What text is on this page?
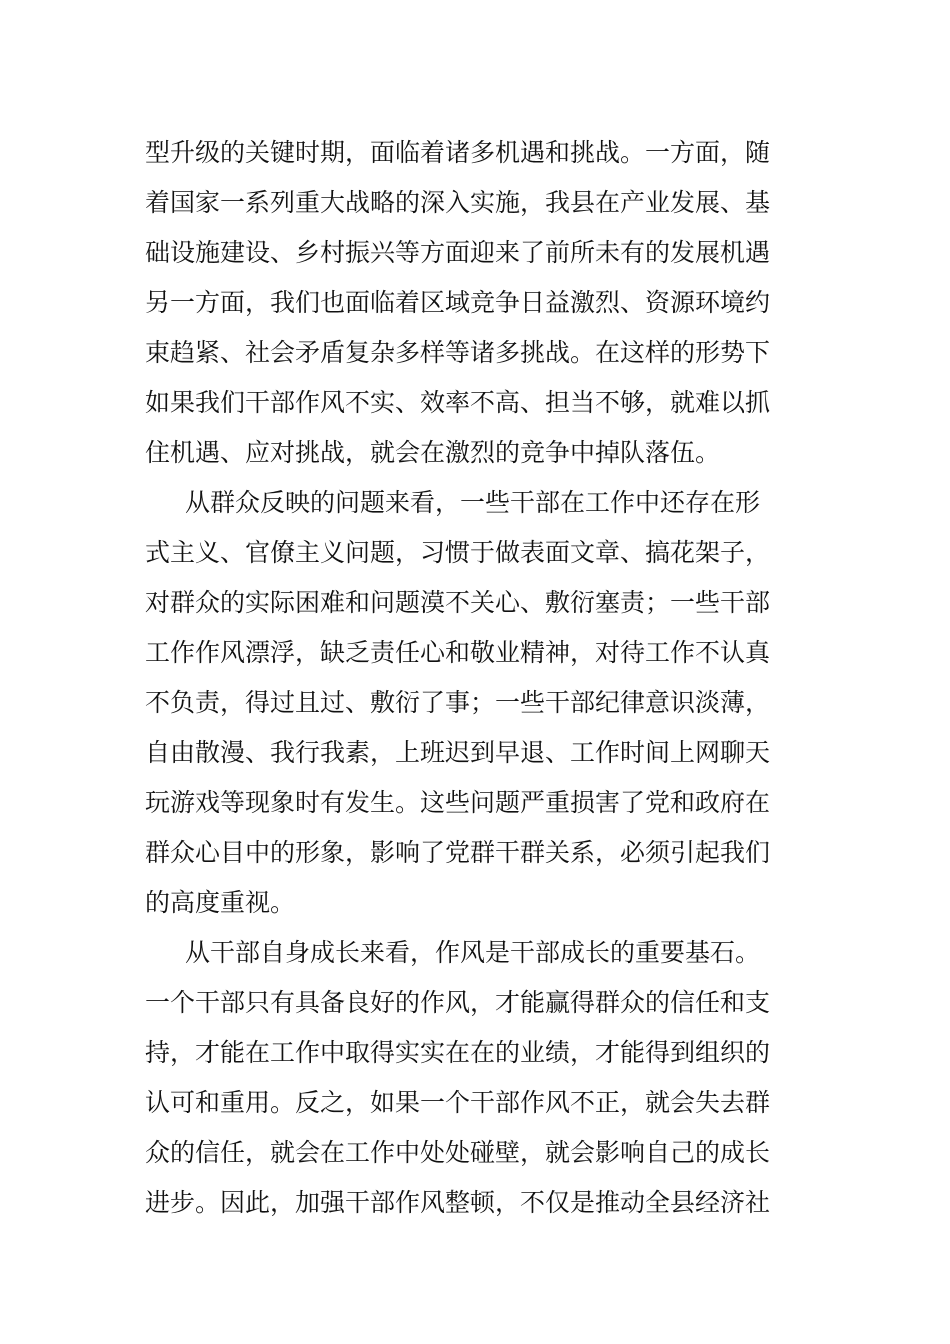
型升级的关键时期，面临着诸多机遇和挑战。一方面，随
着国家一系列重大战略的深入实施，我县在产业发展、基
础设施建设、乡村振兴等方面迎来了前所未有的发展机遇
另一方面，我们也面临着区域竞争日益激烈、资源环境约
束趋紧、社会矛盾复杂多样等诸多挑战。在这样的形势下
如果我们干部作风不实、效率不高、担当不够，就难以抓
住机遇、应对挑战，就会在激烈的竞争中掉队落伍。
从群众反映的问题来看，一些干部在工作中还存在形
式主义、官僚主义问题，习惯于做表面文章、搞花架子，
对群众的实际困难和问题漠不关心、敷衍塞责；一些干部
工作作风漂浮，缺乏责任心和敬业精神，对待工作不认真
不负责，得过且过、敷衍了事；一些干部纪律意识淡薄，
自由散漫、我行我素，上班迟到早退、工作时间上网聊天
玩游戏等现象时有发生。这些问题严重损害了党和政府在
群众心目中的形象，影响了党群干群关系，必须引起我们
的高度重视。
从干部自身成长来看，作风是干部成长的重要基石。
一个干部只有具备良好的作风，才能赢得群众的信任和支
持，才能在工作中取得实实在在的业绩，才能得到组织的
认可和重用。反之，如果一个干部作风不正，就会失去群
众的信任，就会在工作中处处碰壁，就会影响自己的成长
进步。因此，加强干部作风整顿，不仅是推动全县经济社
